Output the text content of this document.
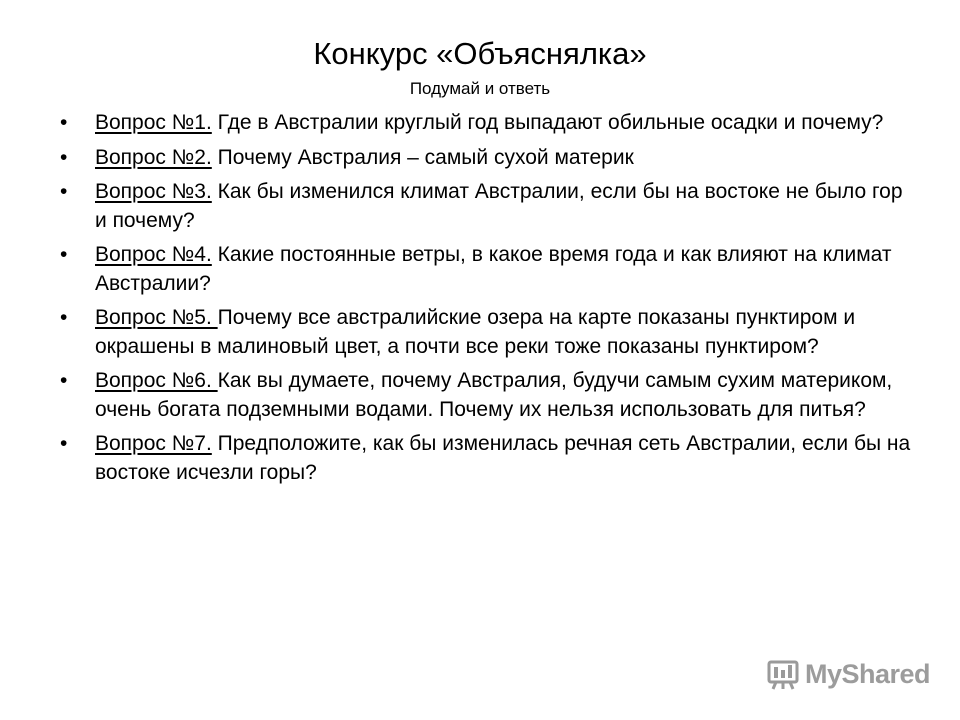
Конкурс «Объяснялка»

Подумай и ответь

• Вопрос №1. Где в Австралии круглый год выпадают обильные осадки и почему?
• Вопрос №2. Почему Австралия – самый сухой материк
• Вопрос №3. Как бы изменился климат Австралии, если бы на востоке не было гор и почему?
• Вопрос №4. Какие постоянные ветры, в какое время года и как влияют на климат Австралии?
• Вопрос №5. Почему все австралийские озера на карте показаны пунктиром и окрашены в малиновый цвет, а почти все реки тоже показаны пунктиром?
• Вопрос №6. Как вы думаете, почему Австралия, будучи самым сухим материком, очень богата подземными водами. Почему их нельзя использовать для питья?
• Вопрос №7. Предположите, как бы изменилась речная сеть Австралии, если бы на востоке исчезли горы?
MyShared
